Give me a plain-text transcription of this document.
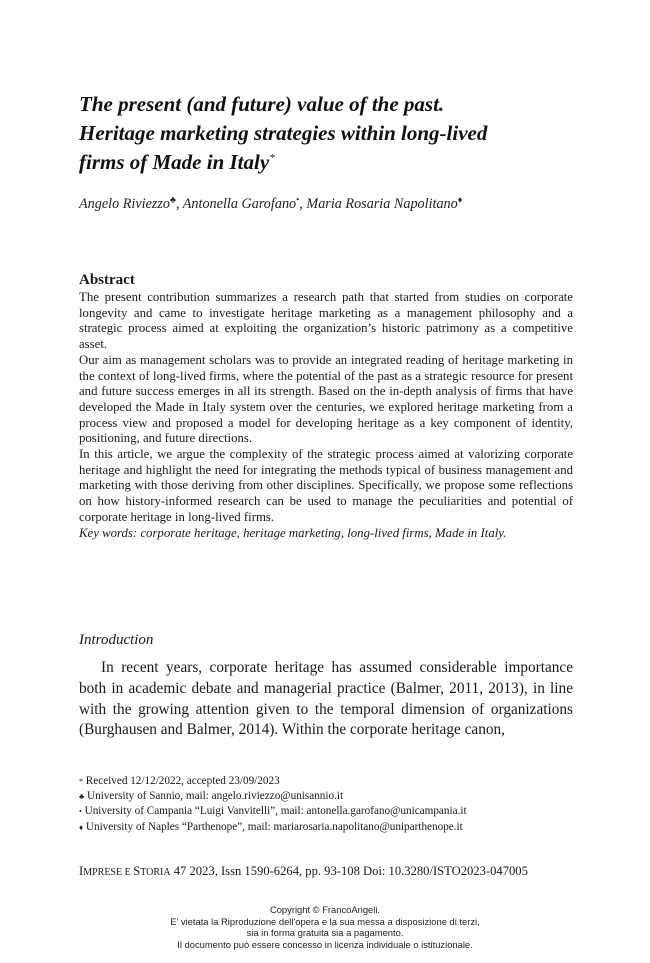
The present (and future) value of the past.
Heritage marketing strategies within long-lived
firms of Made in Italy*
Angelo Riviezzo♣, Antonella Garofano•, Maria Rosaria Napolitano♦
Abstract

The present contribution summarizes a research path that started from studies on corporate longevity and came to investigate heritage marketing as a management philosophy and a strategic process aimed at exploiting the organization’s historic patrimony as a competitive asset.

Our aim as management scholars was to provide an integrated reading of heritage marketing in the context of long-lived firms, where the potential of the past as a strategic resource for present and future success emerges in all its strength. Based on the in-depth analysis of firms that have developed the Made in Italy system over the centuries, we explored heritage marketing from a process view and proposed a model for developing heritage as a key component of identity, positioning, and future directions.

In this article, we argue the complexity of the strategic process aimed at valorizing corporate heritage and highlight the need for integrating the methods typical of business management and marketing with those deriving from other disciplines. Specifically, we propose some reflections on how history-informed research can be used to manage the peculiarities and potential of corporate heritage in long-lived firms.

Key words: corporate heritage, heritage marketing, long-lived firms, Made in Italy.

Introduction

In recent years, corporate heritage has assumed considerable importance both in academic debate and managerial practice (Balmer, 2011, 2013), in line with the growing attention given to the temporal dimension of organizations (Burghausen and Balmer, 2014). Within the corporate heritage canon,

* Received 12/12/2022, accepted 23/09/2023
♣ University of Sannio, mail: angelo.riviezzo@unisannio.it
• University of Campania “Luigi Vanvitelli”, mail: antonella.garofano@unicampania.it
♦ University of Naples “Parthenope”, mail: mariarosaria.napolitano@uniparthenope.it
IMPRESE E STORIA 47 2023, Issn 1590-6264, pp. 93-108 Doi: 10.3280/ISTO2023-047005
Copyright © FrancoAngeli.
E' vietata la Riproduzione dell'opera e la sua messa a disposizione di terzi,
sia in forma gratuita sia a pagamento.
Il documento può essere concesso in licenza individuale o istituzionale.
